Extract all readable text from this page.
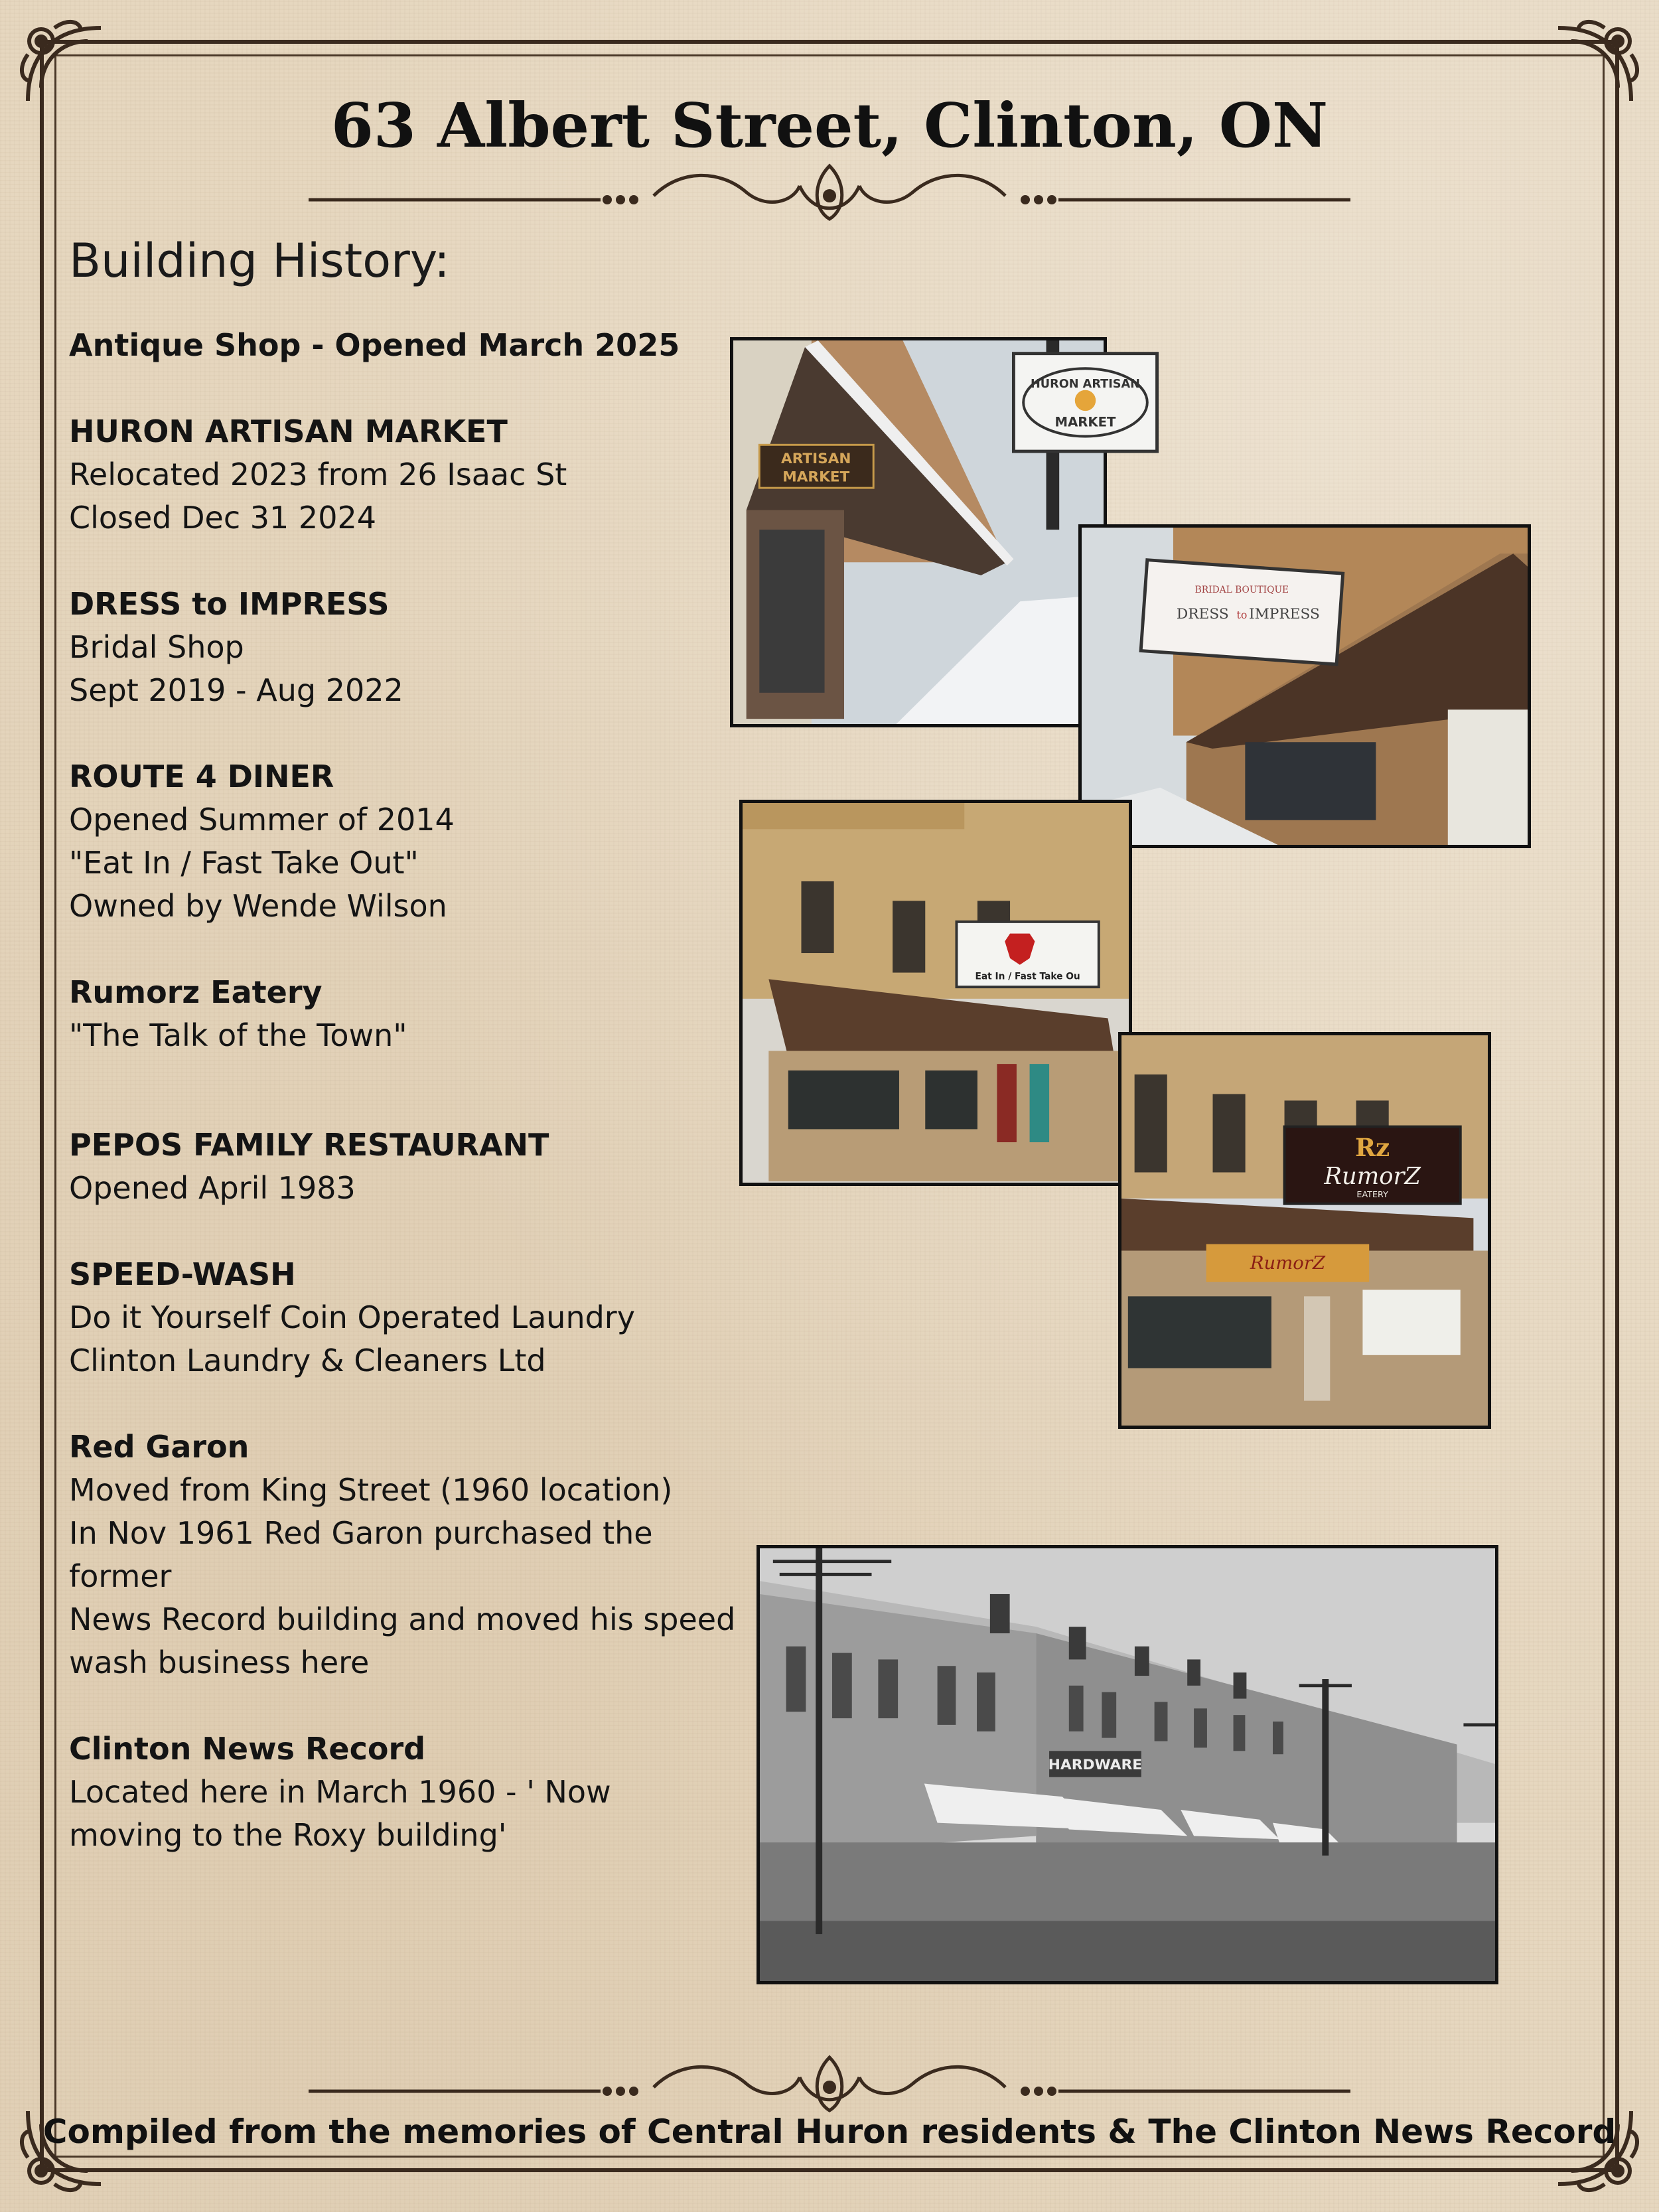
63 Albert Street, Clinton, ON
Building History:
Antique Shop - Opened March 2025
HURON ARTISAN MARKET
Relocated 2023 from 26 Isaac St
Closed Dec 31 2024
DRESS to IMPRESS
Bridal Shop
Sept 2019 - Aug 2022
ROUTE 4 DINER
Opened Summer of 2014
"Eat In / Fast Take Out"
Owned by Wende Wilson
Rumorz Eatery
"The Talk of the Town"
PEPOS FAMILY RESTAURANT
Opened April 1983
SPEED-WASH
Do it Yourself Coin Operated Laundry
Clinton Laundry & Cleaners Ltd
Red Garon
Moved from King Street (1960 location)
In Nov 1961 Red Garon purchased the former
News Record building and moved his speed
wash business here
Clinton News Record
Located here in March 1960 - ' Now
moving to the Roxy building'
HURON ARTISAN
MARKET
ARTISAN
MARKET
BRIDAL BOUTIQUE
DRESS to IMPRESS
Eat In / Fast Take Ou
Rz
RumorZ
EATERY
RumorZ
HARDWARE
Compiled from the memories of Central Huron residents & The Clinton News Record
